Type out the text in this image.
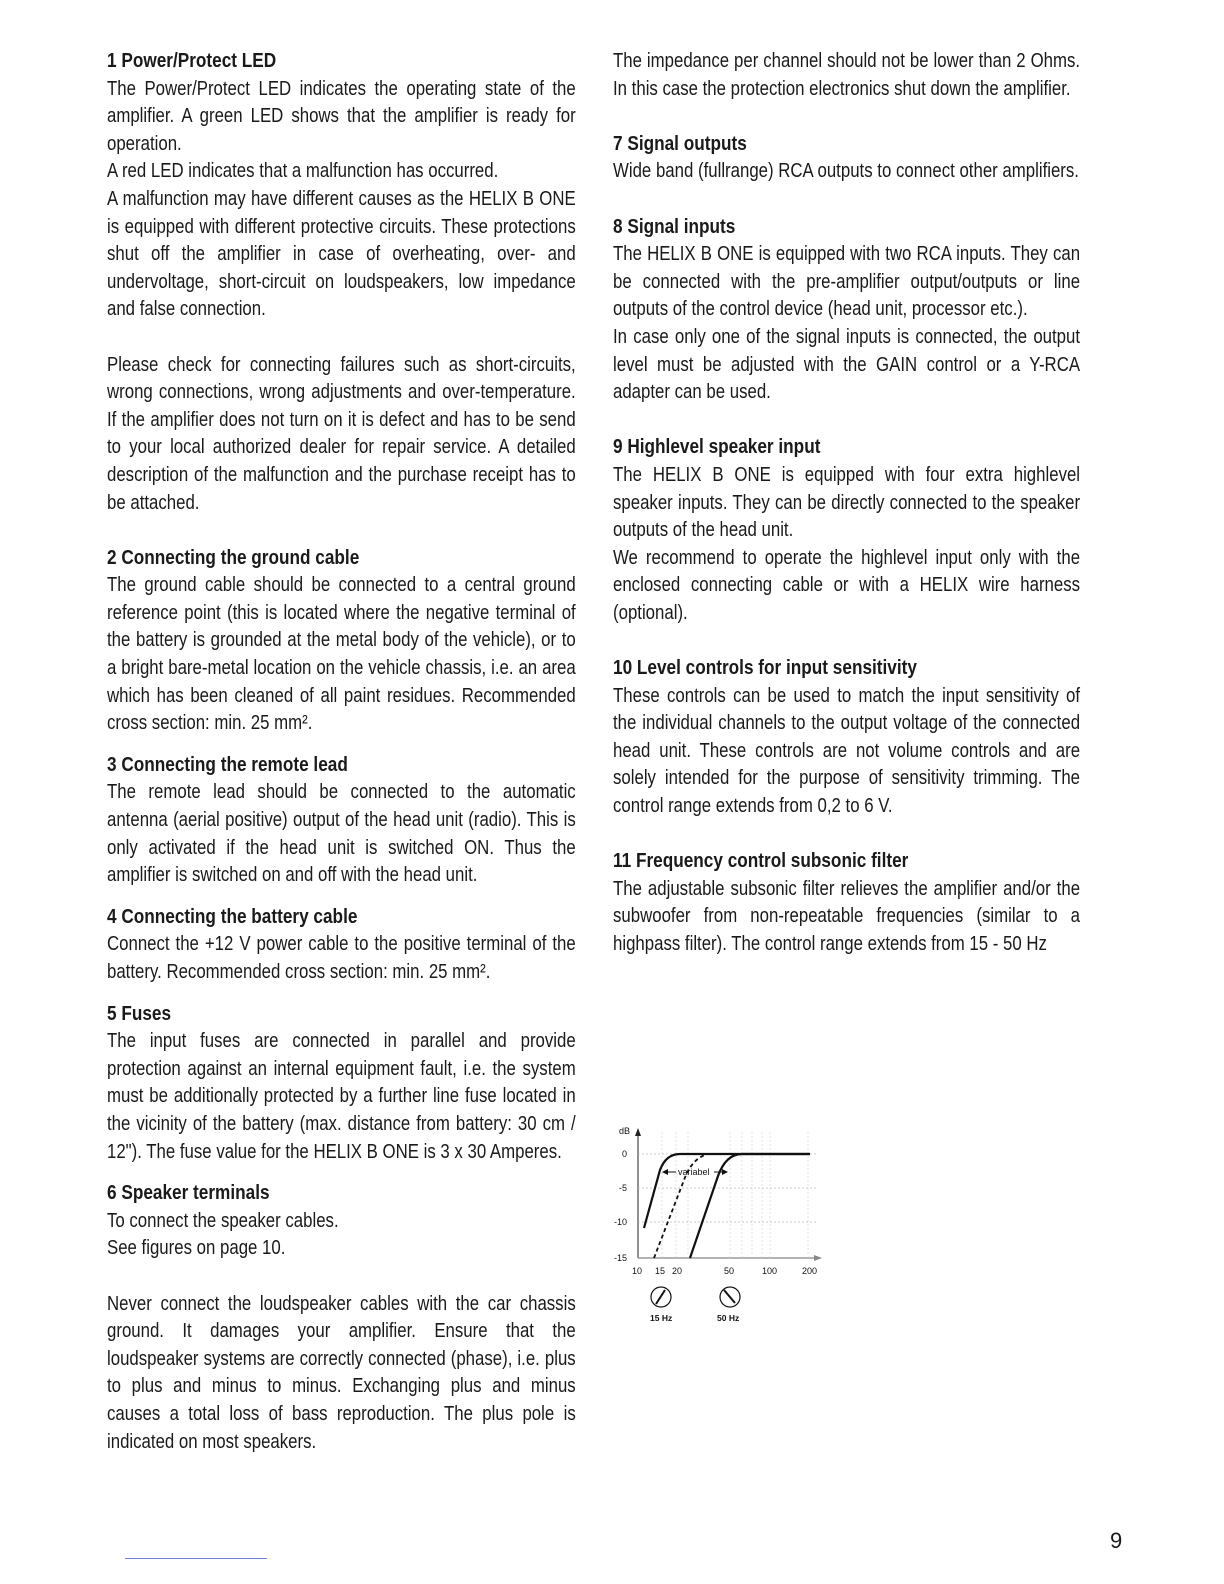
1 Power/Protect LED

The Power/Protect LED indicates the operating state of the amplifier. A green LED shows that the amplifier is ready for operation.

A red LED indicates that a malfunction has occurred.

A malfunction may have different causes as the HELIX B ONE is equipped with different protective circuits. These protections shut off the amplifier in case of overheating, over- and undervoltage, short-circuit on loudspeakers, low impedance and false connection.

Please check for connecting failures such as short-circuits, wrong connections, wrong adjustments and over-temperature. If the amplifier does not turn on it is defect and has to be send to your local authorized dealer for repair service. A detailed description of the malfunction and the purchase receipt has to be attached.

2 Connecting the ground cable

The ground cable should be connected to a central ground reference point (this is located where the negative terminal of the battery is grounded at the metal body of the vehicle), or to a bright bare-metal location on the vehicle chassis, i.e. an area which has been cleaned of all paint residues. Recommended cross section: min. 25 mm².

3 Connecting the remote lead

The remote lead should be connected to the automatic antenna (aerial positive) output of the head unit (radio). This is only activated if the head unit is switched ON. Thus the amplifier is switched on and off with the head unit.

4 Connecting the battery cable

Connect the +12 V power cable to the positive terminal of the battery. Recommended cross section: min. 25 mm².

5 Fuses

The input fuses are connected in parallel and provide protection against an internal equipment fault, i.e. the system must be additionally protected by a further line fuse located in the vicinity of the battery (max. distance from battery: 30 cm / 12"). The fuse value for the HELIX B ONE is 3 x 30 Amperes.

6 Speaker terminals

To connect the speaker cables.

See figures on page 10.

Never connect the loudspeaker cables with the car chassis ground. It damages your amplifier. Ensure that the loudspeaker systems are correctly connected (phase), i.e. plus to plus and minus to minus. Exchanging plus and minus causes a total loss of bass reproduction. The plus pole is indicated on most speakers.

The impedance per channel should not be lower than 2 Ohms. In this case the protection electronics shut down the amplifier.

7 Signal outputs

Wide band (fullrange) RCA outputs to connect other amplifiers.

8 Signal inputs

The HELIX B ONE is equipped with two RCA inputs. They can be connected with the pre-amplifier output/outputs or line outputs of the control device (head unit, processor etc.).

In case only one of the signal inputs is connected, the output level must be adjusted with the GAIN control or a Y-RCA adapter can be used.

9 Highlevel speaker input

The HELIX B ONE is equipped with four extra highlevel speaker inputs. They can be directly connected to the speaker outputs of the head unit.

We recommend to operate the highlevel input only with the enclosed connecting cable or with a HELIX wire harness (optional).

10 Level controls for input sensitivity

These controls can be used to match the input sensitivity of the individual channels to the output voltage of the connected head unit. These controls are not volume controls and are solely intended for the purpose of sensitivity trimming. The control range extends from 0,2 to 6 V.

11 Frequency control subsonic filter

The adjustable subsonic filter relieves the amplifier and/or the subwoofer from non-repeatable frequencies (similar to a highpass filter). The control range extends from 15 - 50 Hz

variabel
dB
0
-5
-10
-15
10 15 20	50	100	200
15 Hz	50 Hz
9
